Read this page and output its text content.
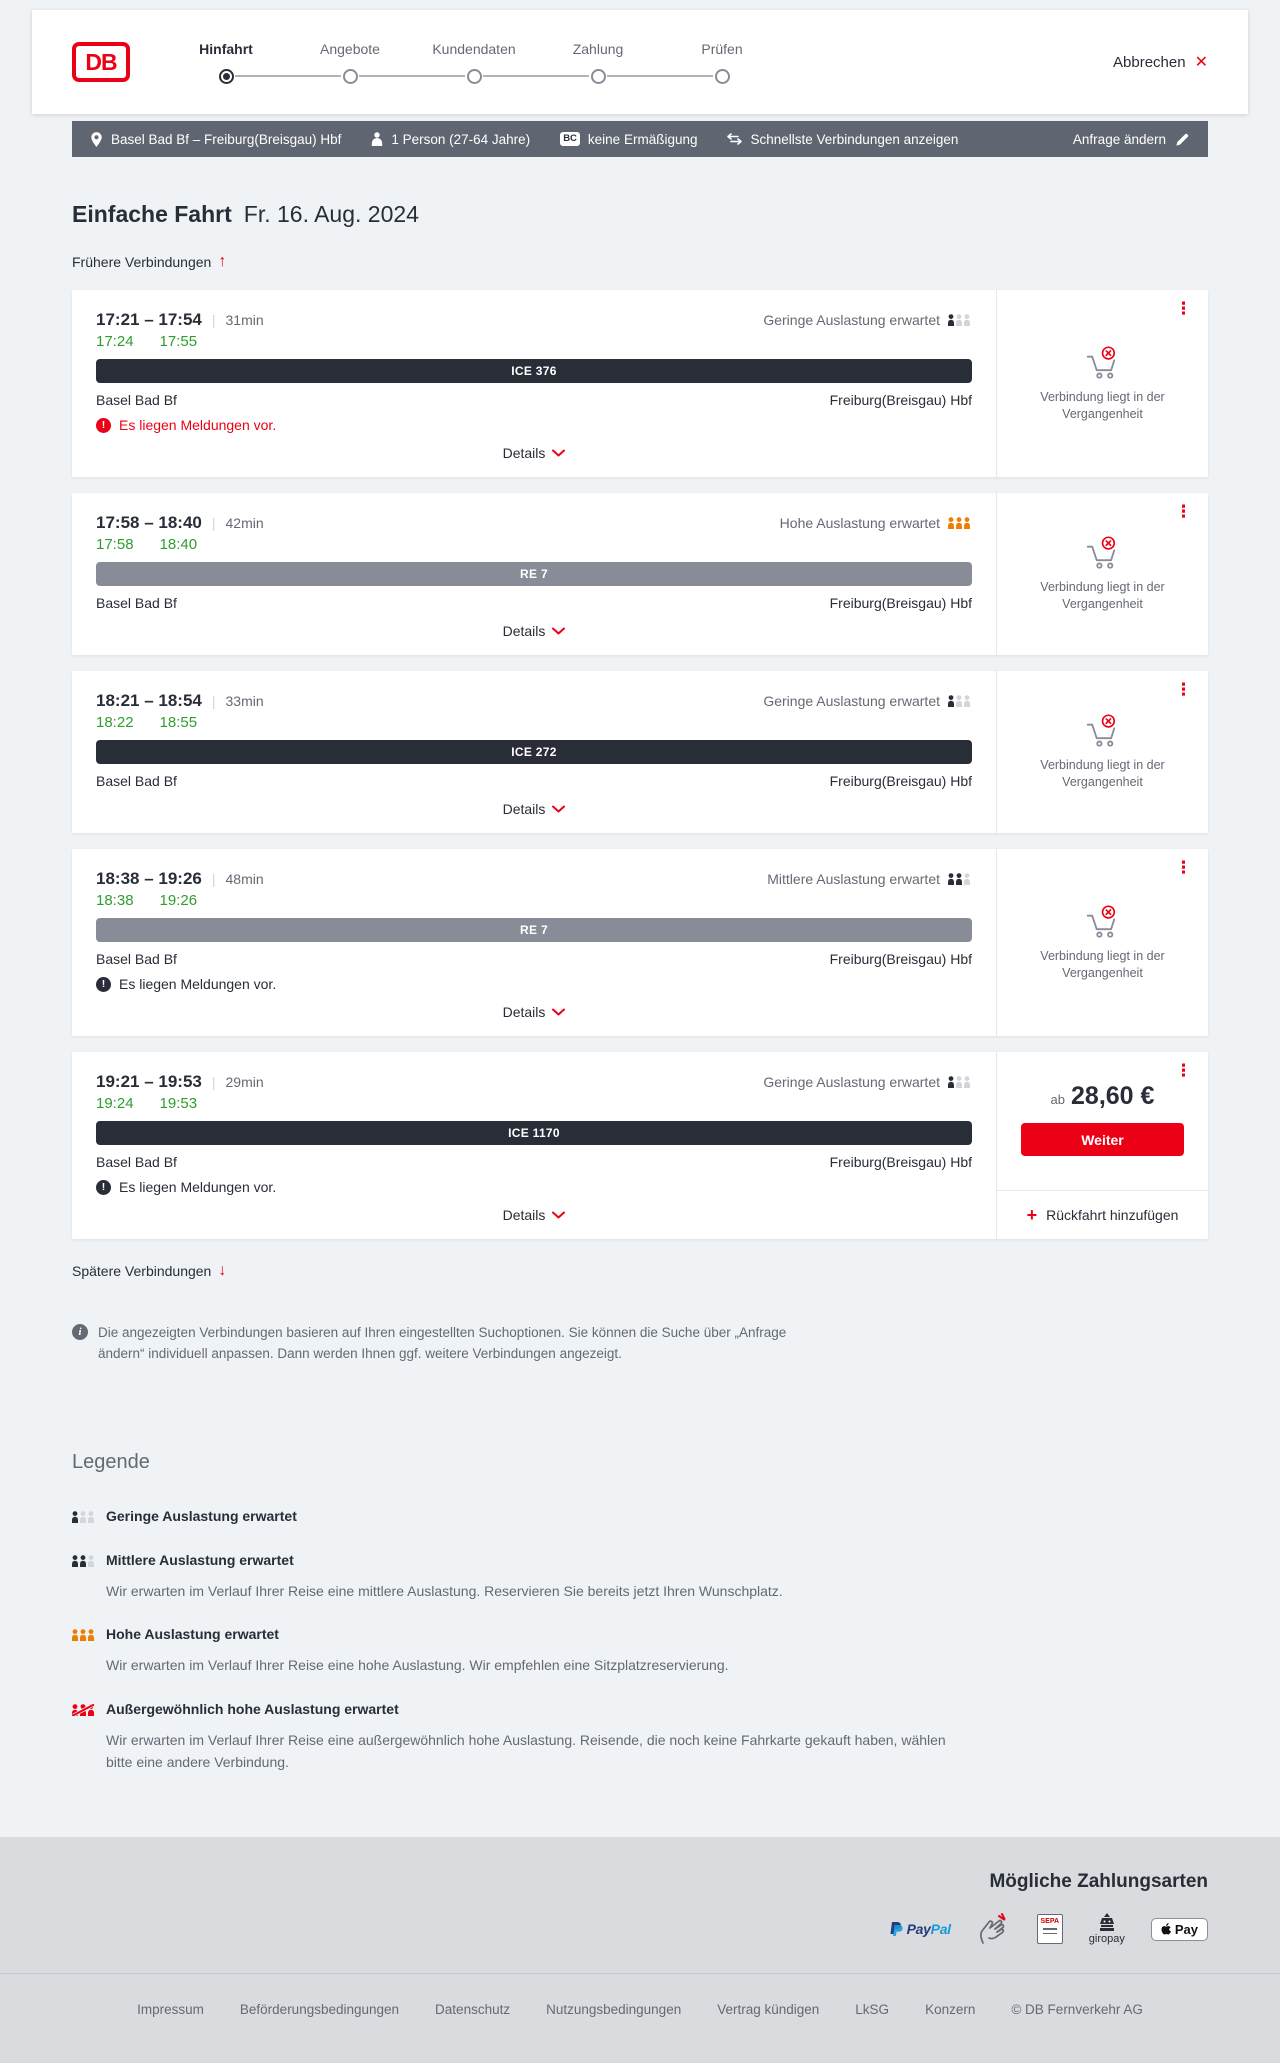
DB	Hinfahrt	Angebote	Kundendaten	Zahlung	Prüfen
Abbrechen ✕
Basel Bad Bf – Freiburg(Breisgau) Hbf	1 Person (27-64 Jahre)	BC keine Ermäßigung	Schnellste Verbindungen anzeigen	Anfrage ändern
Einfache Fahrt Fr. 16. Aug. 2024
Frühere Verbindungen ↑
17:21 – 17:54 | 31min	Geringe Auslastung erwartet
17:24 17:55
ICE 376
Basel Bad Bf	Freiburg(Breisgau) Hbf
! Es liegen Meldungen vor.
Details
⋮

Verbindung liegt in der Vergangenheit

17:58 – 18:40 | 42min	Hohe Auslastung erwartet
17:58 18:40
RE 7
Basel Bad Bf	Freiburg(Breisgau) Hbf
Details
⋮

Verbindung liegt in der Vergangenheit

18:21 – 18:54 | 33min	Geringe Auslastung erwartet
18:22 18:55
ICE 272
Basel Bad Bf	Freiburg(Breisgau) Hbf
Details
⋮

Verbindung liegt in der Vergangenheit

18:38 – 19:26 | 48min	Mittlere Auslastung erwartet
18:38 19:26
RE 7
Basel Bad Bf	Freiburg(Breisgau) Hbf
! Es liegen Meldungen vor.
Details
⋮

Verbindung liegt in der Vergangenheit

19:21 – 19:53 | 29min	Geringe Auslastung erwartet
19:24 19:53
ICE 1170
Basel Bad Bf	Freiburg(Breisgau) Hbf
! Es liegen Meldungen vor.
Details
⋮
ab 28,60 €
Weiter
+ Rückfahrt hinzufügen
Spätere Verbindungen ↓
i	Die angezeigten Verbindungen basieren auf Ihren eingestellten Suchoptionen. Sie können die Suche über „Anfrage ändern“ individuell anpassen. Dann werden Ihnen ggf. weitere Verbindungen angezeigt.

Legende
Geringe Auslastung erwartet
Mittlere Auslastung erwartet

Wir erwarten im Verlauf Ihrer Reise eine mittlere Auslastung. Reservieren Sie bereits jetzt Ihren Wunschplatz.

Hohe Auslastung erwartet

Wir erwarten im Verlauf Ihrer Reise eine hohe Auslastung. Wir empfehlen eine Sitzplatzreservierung.

Außergewöhnlich hohe Auslastung erwartet

Wir erwarten im Verlauf Ihrer Reise eine außergewöhnlich hohe Auslastung. Reisende, die noch keine Fahrkarte gekauft haben, wählen bitte eine andere Verbindung.

Mögliche Zahlungsarten
PayPal	SEPA
giropay
Pay
Impressum	Beförderungsbedingungen	Datenschutz	Nutzungsbedingungen	Vertrag kündigen	LkSG	Konzern	© DB Fernverkehr AG
